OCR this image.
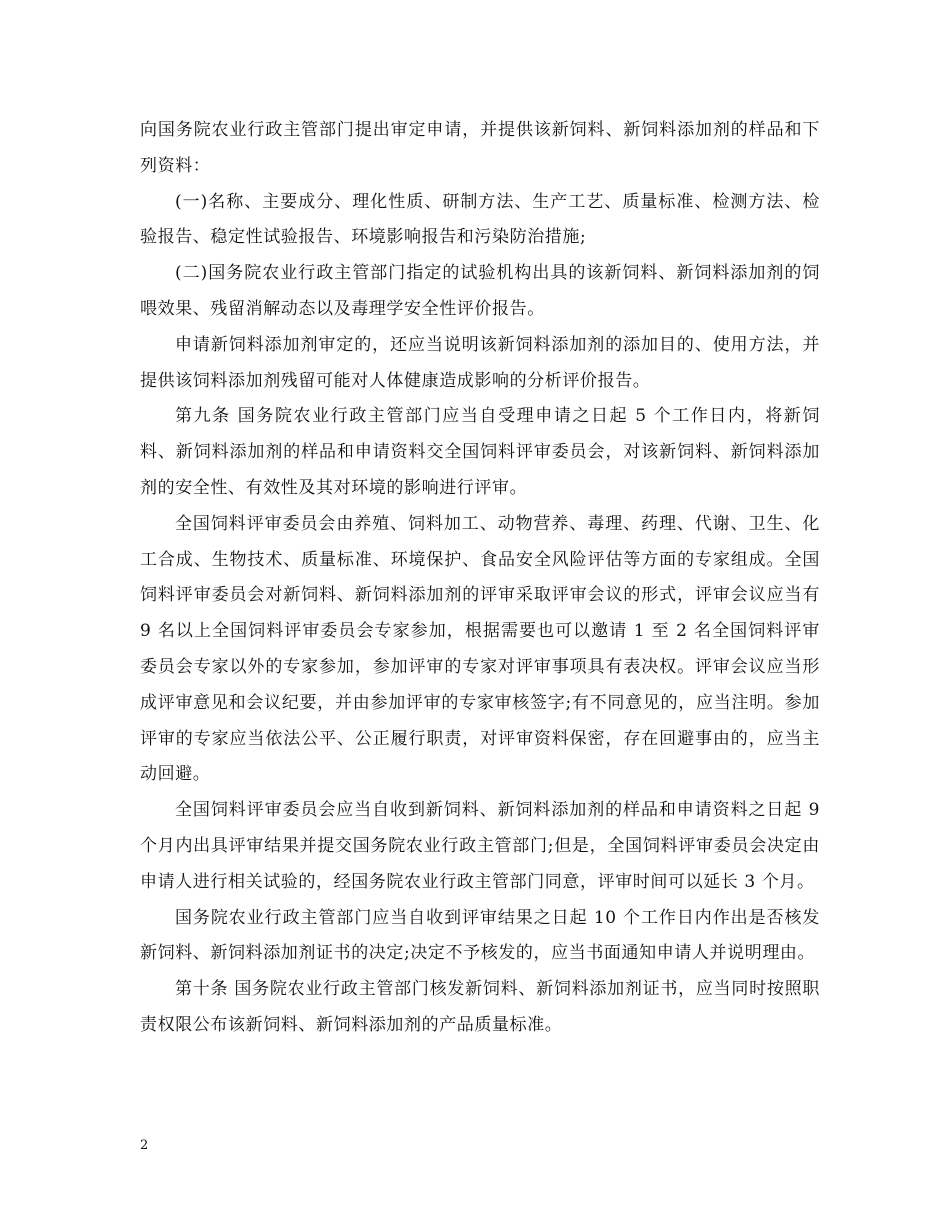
向国务院农业行政主管部门提出审定申请，并提供该新饲料、新饲料添加剂的样品和下列资料：

(一)名称、主要成分、理化性质、研制方法、生产工艺、质量标准、检测方法、检验报告、稳定性试验报告、环境影响报告和污染防治措施;

(二)国务院农业行政主管部门指定的试验机构出具的该新饲料、新饲料添加剂的饲喂效果、残留消解动态以及毒理学安全性评价报告。

申请新饲料添加剂审定的，还应当说明该新饲料添加剂的添加目的、使用方法，并提供该饲料添加剂残留可能对人体健康造成影响的分析评价报告。

第九条 国务院农业行政主管部门应当自受理申请之日起 5 个工作日内，将新饲料、新饲料添加剂的样品和申请资料交全国饲料评审委员会，对该新饲料、新饲料添加剂的安全性、有效性及其对环境的影响进行评审。

全国饲料评审委员会由养殖、饲料加工、动物营养、毒理、药理、代谢、卫生、化工合成、生物技术、质量标准、环境保护、食品安全风险评估等方面的专家组成。全国饲料评审委员会对新饲料、新饲料添加剂的评审采取评审会议的形式，评审会议应当有 9 名以上全国饲料评审委员会专家参加，根据需要也可以邀请 1 至 2 名全国饲料评审委员会专家以外的专家参加，参加评审的专家对评审事项具有表决权。评审会议应当形成评审意见和会议纪要，并由参加评审的专家审核签字;有不同意见的，应当注明。参加评审的专家应当依法公平、公正履行职责，对评审资料保密，存在回避事由的，应当主动回避。

全国饲料评审委员会应当自收到新饲料、新饲料添加剂的样品和申请资料之日起 9 个月内出具评审结果并提交国务院农业行政主管部门;但是，全国饲料评审委员会决定由申请人进行相关试验的，经国务院农业行政主管部门同意，评审时间可以延长 3 个月。

国务院农业行政主管部门应当自收到评审结果之日起 10 个工作日内作出是否核发新饲料、新饲料添加剂证书的决定;决定不予核发的，应当书面通知申请人并说明理由。

第十条 国务院农业行政主管部门核发新饲料、新饲料添加剂证书，应当同时按照职责权限公布该新饲料、新饲料添加剂的产品质量标准。

2
